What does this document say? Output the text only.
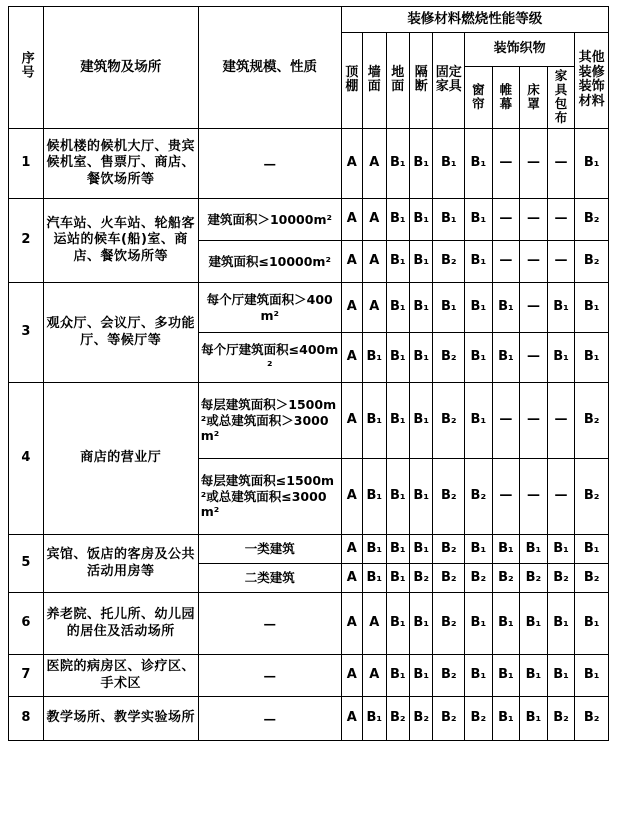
序号	建筑物及场所	建筑规模、性质	装修材料燃烧性能等级									
			顶棚	墙面	地面	隔断	固定家具	装饰织物				其他装修装饰材料
								窗帘	帷幕	床罩	家具包布	
1	候机楼的候机大厅、贵宾候机室、售票厅、商店、餐饮场所等	—	A	A	B₁	B₁	B₁	B₁	—	—	—	B₁
2	汽车站、火车站、轮船客运站的候车(船)室、商店、餐饮场所等	建筑面积＞10000m²	A	A	B₁	B₁	B₁	B₁	—	—	—	B₂
		建筑面积≤10000m²	A	A	B₁	B₁	B₂	B₁	—	—	—	B₂
3	观众厅、会议厅、多功能厅、等候厅等	每个厅建筑面积＞400m²	A	A	B₁	B₁	B₁	B₁	B₁	—	B₁	B₁
		每个厅建筑面积≤400m²	A	B₁	B₁	B₁	B₂	B₁	B₁	—	B₁	B₁
4	商店的营业厅	每层建筑面积＞1500m²或总建筑面积＞3000m²	A	B₁	B₁	B₁	B₂	B₁	—	—	—	B₂
		每层建筑面积≤1500m²或总建筑面积≤3000m²	A	B₁	B₁	B₁	B₂	B₂	—	—	—	B₂
5	宾馆、饭店的客房及公共活动用房等	一类建筑	A	B₁	B₁	B₁	B₂	B₁	B₁	B₁	B₁	B₁
		二类建筑	A	B₁	B₁	B₂	B₂	B₂	B₂	B₂	B₂	B₂
6	养老院、托儿所、幼儿园的居住及活动场所	—	A	A	B₁	B₁	B₂	B₁	B₁	B₁	B₁	B₁
7	医院的病房区、诊疗区、手术区	—	A	A	B₁	B₁	B₂	B₁	B₁	B₁	B₁	B₁
8	教学场所、教学实验场所	—	A	B₁	B₂	B₂	B₂	B₂	B₁	B₁	B₂	B₂
